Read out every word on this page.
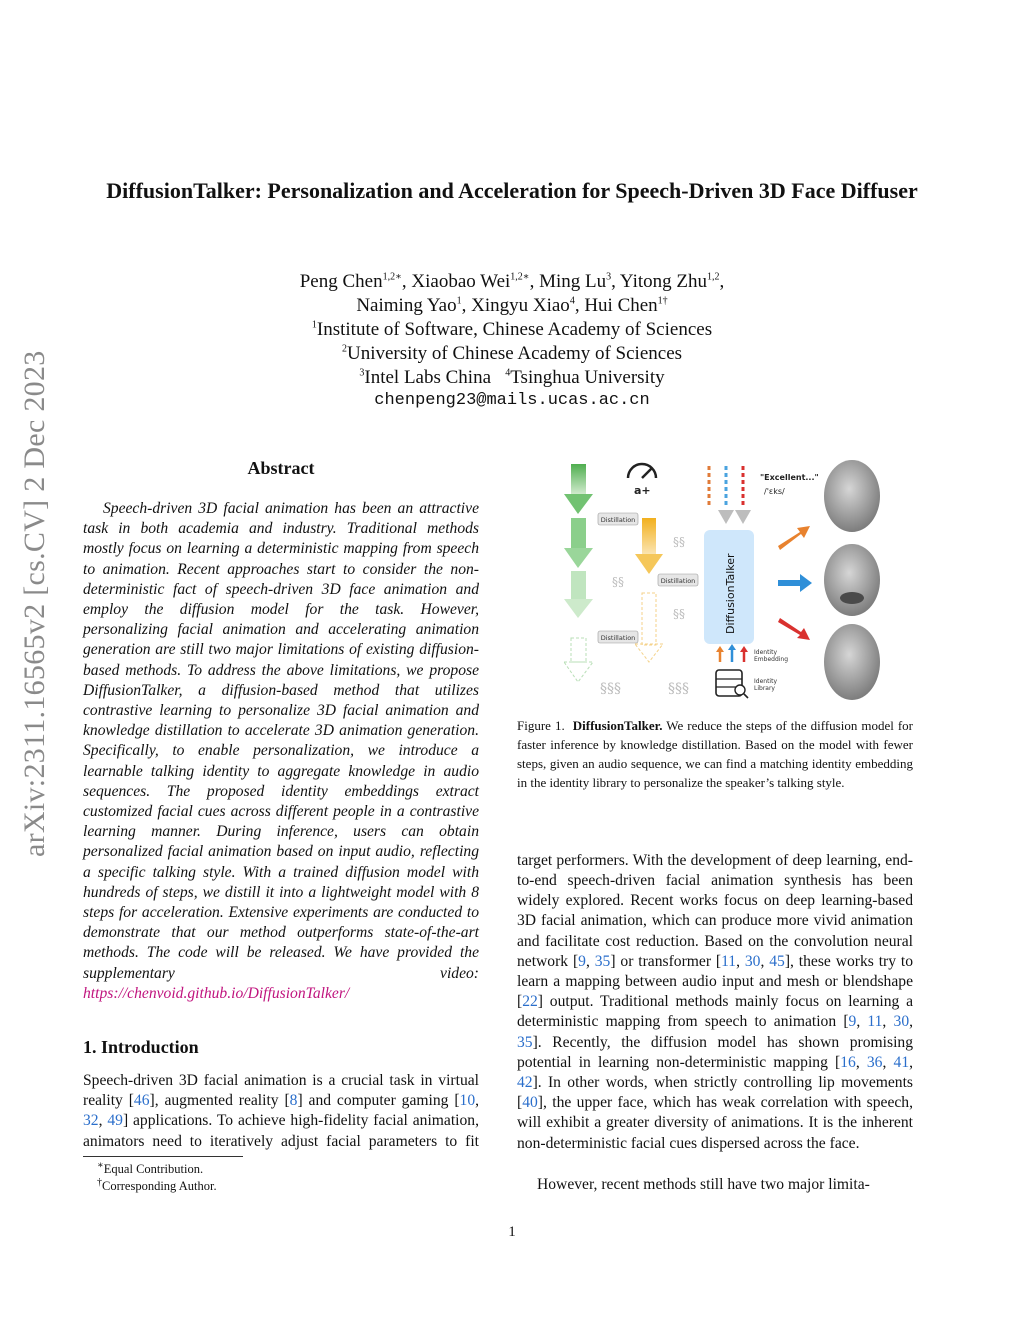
arXiv:2311.16565v2 [cs.CV] 2 Dec 2023
DiffusionTalker: Personalization and Acceleration for Speech-Driven 3D Face Diffuser
Peng Chen$^{1,2∗}$, Xiaobao Wei$^{1,2∗}$, Ming Lu$^3$, Yitong Zhu$^{1,2}$,
Naiming Yao$^1$, Xingyu Xiao$^4$, Hui Chen$^{1\dagger}$
$^1$Institute of Software, Chinese Academy of Sciences
$^2$University of Chinese Academy of Sciences
$^3$Intel Labs China $^4$Tsinghua University
chenpeng23@mails.ucas.ac.cn
Abstract
Speech-driven 3D facial animation has been an attractive task in both academia and industry. Traditional methods mostly focus on learning a deterministic mapping from speech to animation. Recent approaches start to consider the non-deterministic fact of speech-driven 3D face animation and employ the diffusion model for the task. However, personalizing facial animation and accelerating animation generation are still two major limitations of existing diffusion-based methods. To address the above limitations, we propose DiffusionTalker, a diffusion-based method that utilizes contrastive learning to personalize 3D facial animation and knowledge distillation to accelerate 3D animation generation. Specifically, to enable personalization, we introduce a learnable talking identity to aggregate knowledge in audio sequences. The proposed identity embeddings extract customized facial cues across different people in a contrastive learning manner. During inference, users can obtain personalized facial animation based on input audio, reflecting a specific talking style. With a trained diffusion model with hundreds of steps, we distill it into a lightweight model with 8 steps for acceleration. Extensive experiments are conducted to demonstrate that our method outperforms state-of-the-art methods. The code will be released. We have provided the supplementary video: https://chenvoid.github.io/DiffusionTalker/
1. Introduction
Speech-driven 3D facial animation is a crucial task in virtual reality [46], augmented reality [8] and computer gaming [10, 32, 49] applications. To achieve high-fidelity facial animation, animators need to iteratively adjust facial parameters to fit
∗Equal Contribution.
†Corresponding Author.
Distillation
Distillation
Distillation
a+
§§
§§
§§
§§§	§§§
"Excellent..."
/'ɛks/
DiffusionTalker
Identity
Embedding
Identity
Library
Figure 1. DiffusionTalker. We reduce the steps of the diffusion model for faster inference by knowledge distillation. Based on the model with fewer steps, given an audio sequence, we can find a matching identity embedding in the identity library to personalize the speaker’s talking style.
target performers. With the development of deep learning, end-to-end speech-driven facial animation synthesis has been widely explored. Recent works focus on deep learning-based 3D facial animation, which can produce more vivid animation and facilitate cost reduction. Based on the convolution neural network [9, 35] or transformer [11, 30, 45], these works try to learn a mapping between audio input and mesh or blendshape [22] output. Traditional methods mainly focus on learning a deterministic mapping from speech to animation [9, 11, 30, 35]. Recently, the diffusion model has shown promising potential in learning non-deterministic mapping [16, 36, 41, 42]. In other words, when strictly controlling lip movements [40], the upper face, which has weak correlation with speech, will exhibit a greater diversity of animations. It is the inherent non-deterministic facial cues dispersed across the face.
However, recent methods still have two major limita-
1
